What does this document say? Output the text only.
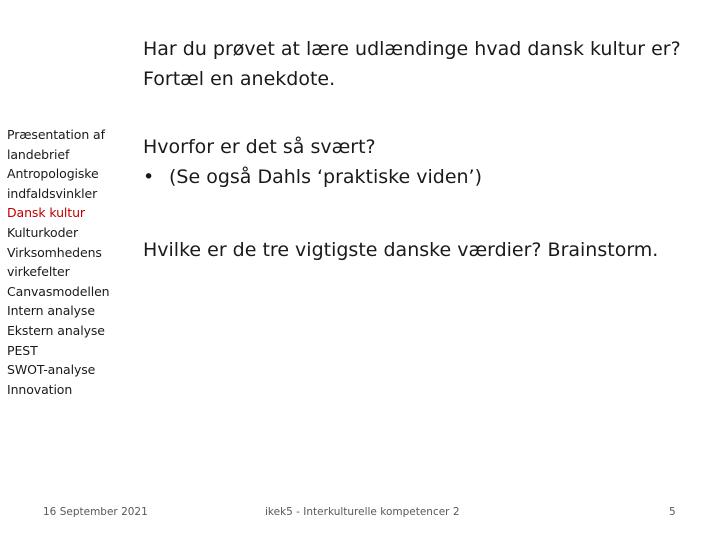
Har du prøvet at lære udlændinge hvad dansk kultur er?
Fortæl en anekdote.
Præsentation af
landebrief
Antropologiske
indfaldsvinkler
Dansk kultur
Kulturkoder
Virksomhedens
virkefelter
Canvasmodellen
Intern analyse
Ekstern analyse
PEST
SWOT-analyse
Innovation
Hvorfor er det så svært?
• (Se også Dahls ‘praktiske viden’)
Hvilke er de tre vigtigste danske værdier? Brainstorm.
16 September 2021	ikek5 - Interkulturelle kompetencer 2	5
